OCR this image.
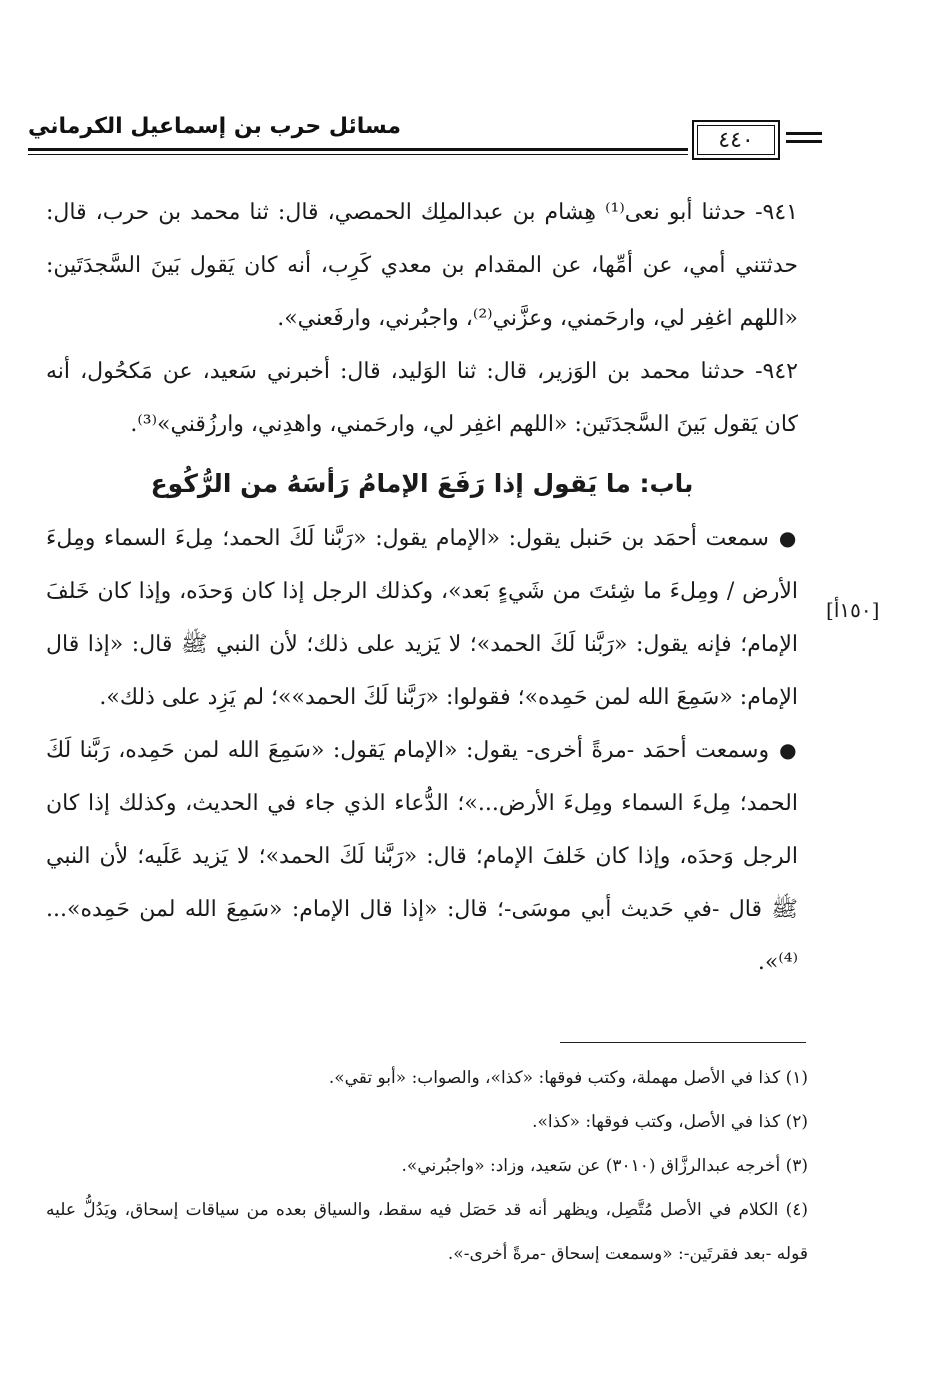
مسائل حرب بن إسماعيل الكرماني
٤٤٠
[١٥٠أ]

٩٤١- حدثنا أبو نعى⁽¹⁾ هِشام بن عبدالملِك الحمصي، قال: ثنا محمد بن حرب، قال: حدثتني أمي، عن أمِّها، عن المقدام بن معدي كَرِب، أنه كان يَقول بَينَ السَّجدَتَين: «اللهم اغفِر لي، وارحَمني، وعزَّني⁽²⁾، واجبُرني، وارفَعني».

٩٤٢- حدثنا محمد بن الوَزير، قال: ثنا الوَليد، قال: أخبرني سَعيد، عن مَكحُول، أنه كان يَقول بَينَ السَّجدَتَين: «اللهم اغفِر لي، وارحَمني، واهدِني، وارزُقني»⁽³⁾.

باب: ما يَقول إذا رَفَعَ الإمامُ رَأسَهُ من الرُّكُوع

●سمعت أحمَد بن حَنبل يقول: «الإمام يقول: «رَبَّنا لَكَ الحمد؛ مِلءَ السماء ومِلءَ الأرض / ومِلءَ ما شِئتَ من شَيءٍ بَعد»، وكذلك الرجل إذا كان وَحدَه، وإذا كان خَلفَ الإمام؛ فإنه يقول: «رَبَّنا لَكَ الحمد»؛ لا يَزيد على ذلك؛ لأن النبي ﷺ قال: «إذا قال الإمام: «سَمِعَ الله لمن حَمِده»؛ فقولوا: «رَبَّنا لَكَ الحمد»»؛ لم يَزِد على ذلك».

●وسمعت أحمَد -مرةً أخرى- يقول: «الإمام يَقول: «سَمِعَ الله لمن حَمِده، رَبَّنا لَكَ الحمد؛ مِلءَ السماء ومِلءَ الأرض...»؛ الدُّعاء الذي جاء في الحديث، وكذلك إذا كان الرجل وَحدَه، وإذا كان خَلفَ الإمام؛ قال: «رَبَّنا لَكَ الحمد»؛ لا يَزيد عَلَيه؛ لأن النبي ﷺ قال -في حَديث أبي موسَى-؛ قال: «إذا قال الإمام: «سَمِعَ الله لمن حَمِده»...⁽⁴⁾».

(١) كذا في الأصل مهملة، وكتب فوقها: «كذا»، والصواب: «أبو تقي».

(٢) كذا في الأصل، وكتب فوقها: «كذا».

(٣) أخرجه عبدالرزَّاق (٣٠١٠) عن سَعيد، وزاد: «واجبُرني».

(٤) الكلام في الأصل مُتَّصِل، ويظهر أنه قد حَصَل فيه سقط، والسياق بعده من سياقات إسحاق، ويَدُلُّ عليه قوله -بعد فقرتَين-: «وسمعت إسحاق -مرةً أخرى-».
